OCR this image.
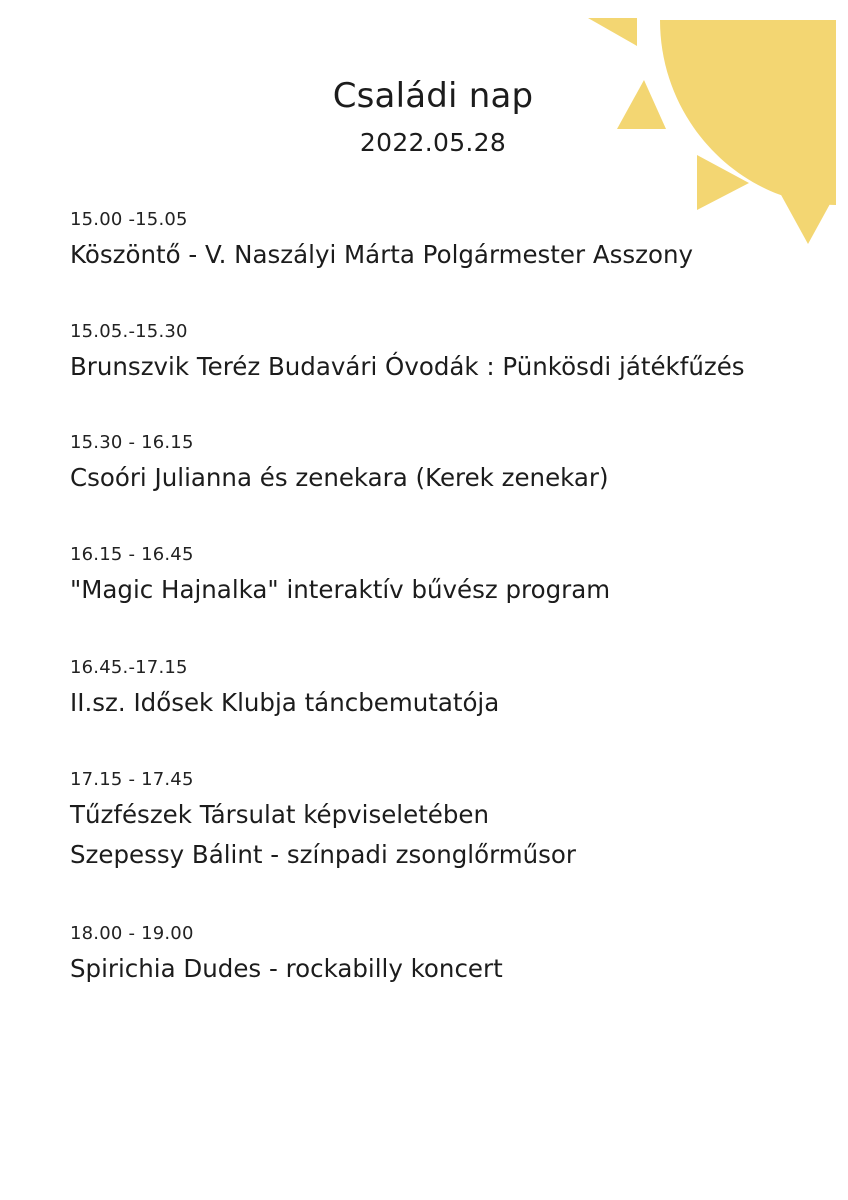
Családi nap
2022.05.28
15.00 -15.05
Köszöntő - V. Naszályi Márta Polgármester Asszony
15.05.-15.30
Brunszvik Teréz Budavári Óvodák : Pünkösdi játékfűzés
15.30 - 16.15
Csoóri Julianna és zenekara (Kerek zenekar)
16.15 - 16.45
"Magic Hajnalka" interaktív bűvész program
16.45.-17.15
II.sz. Idősek Klubja táncbemutatója
17.15 - 17.45
Tűzfészek Társulat képviseletében
Szepessy Bálint - színpadi zsonglőrműsor
18.00 - 19.00
Spirichia Dudes - rockabilly koncert
